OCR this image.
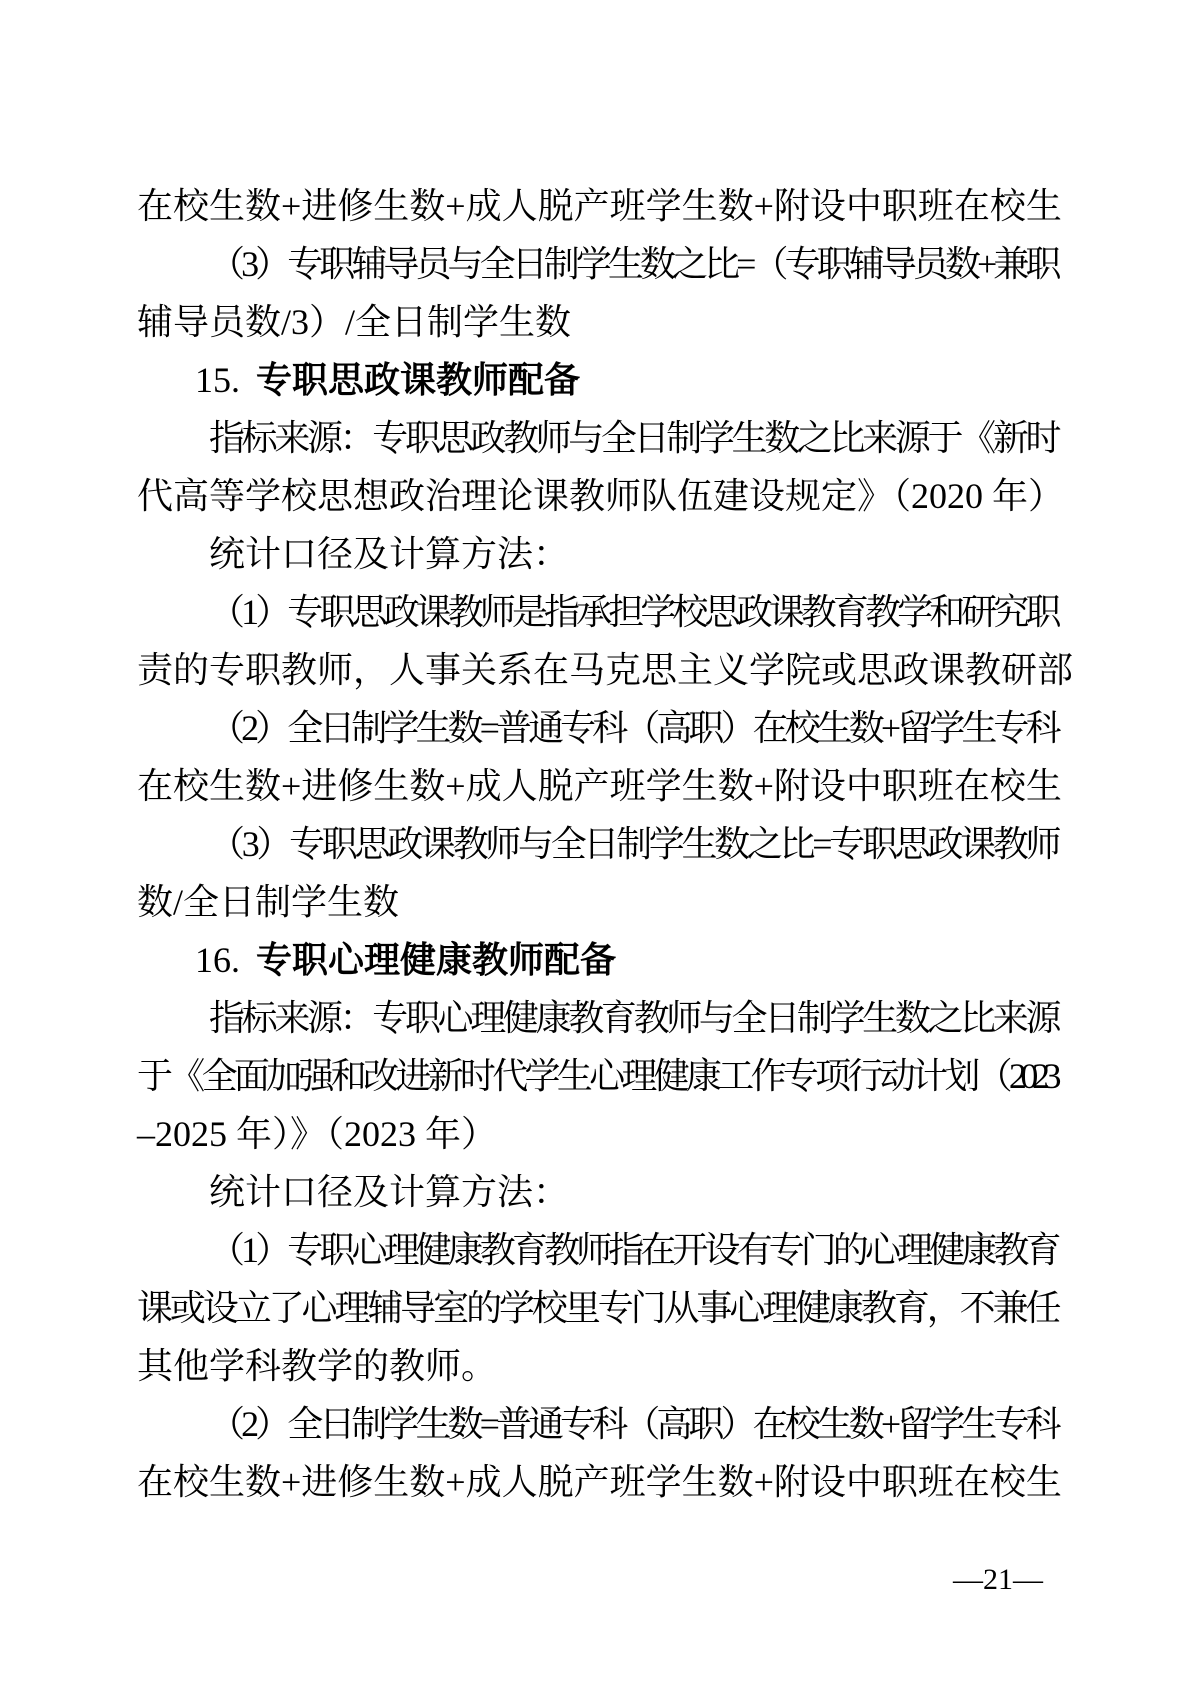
在校生数+进修生数+成人脱产班学生数+附设中职班在校生
（3）专职辅导员与全日制学生数之比=（专职辅导员数+兼职
辅导员数/3）/全日制学生数
15. 专职思政课教师配备
指标来源：专职思政教师与全日制学生数之比来源于《新时
代高等学校思想政治理论课教师队伍建设规定》（2020 年）
统计口径及计算方法：
（1）专职思政课教师是指承担学校思政课教育教学和研究职
责的专职教师，人事关系在马克思主义学院或思政课教研部
（2）全日制学生数=普通专科（高职）在校生数+留学生专科
在校生数+进修生数+成人脱产班学生数+附设中职班在校生
（3）专职思政课教师与全日制学生数之比=专职思政课教师
数/全日制学生数
16. 专职心理健康教师配备
指标来源：专职心理健康教育教师与全日制学生数之比来源
于《全面加强和改进新时代学生心理健康工作专项行动计划（2023
–2025 年）》（2023 年）
统计口径及计算方法：
（1）专职心理健康教育教师指在开设有专门的心理健康教育
课或设立了心理辅导室的学校里专门从事心理健康教育，不兼任
其他学科教学的教师。
（2）全日制学生数=普通专科（高职）在校生数+留学生专科
在校生数+进修生数+成人脱产班学生数+附设中职班在校生
—21—
